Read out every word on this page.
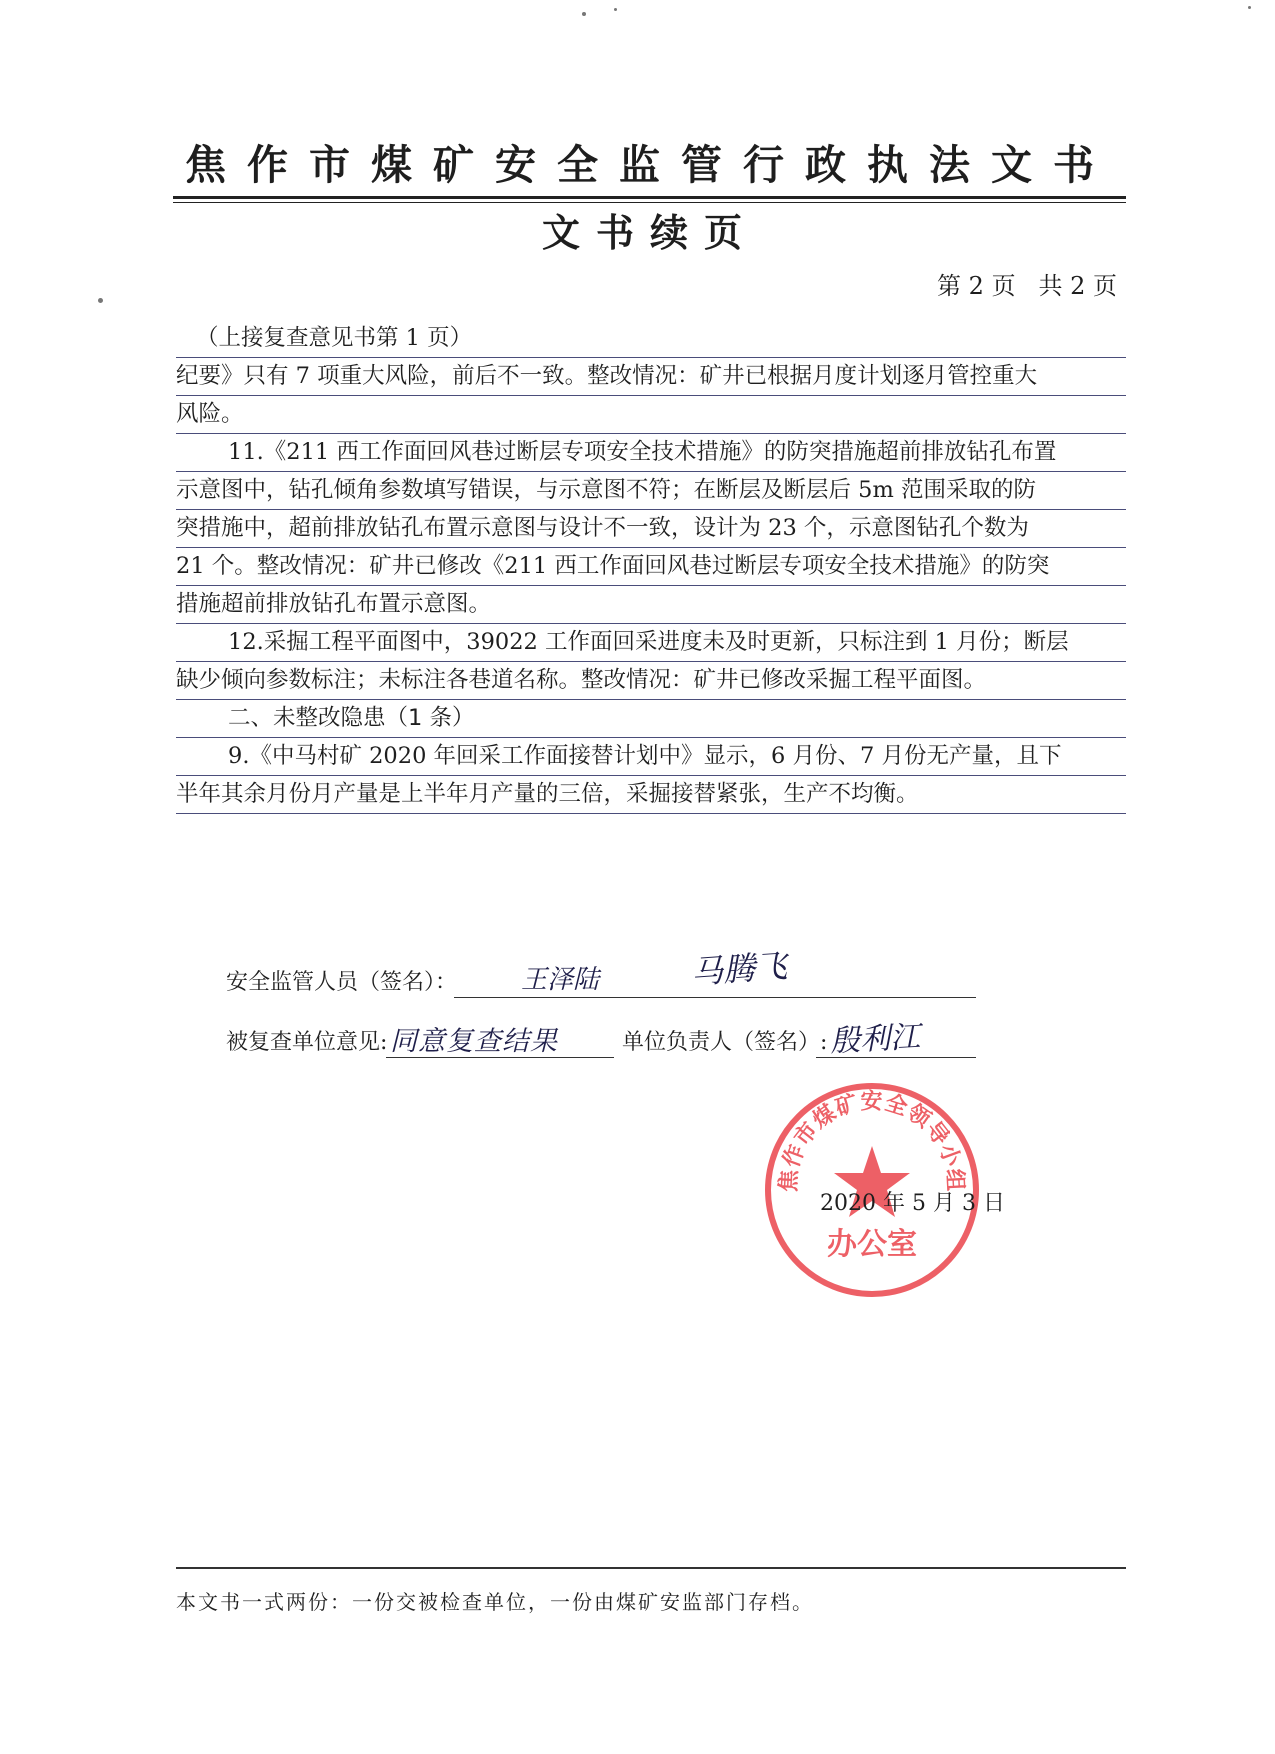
焦作市煤矿安全监管行政执法文书
文书续页
第 2 页   共 2 页
（上接复查意见书第 1 页）
纪要》只有 7 项重大风险，前后不一致。整改情况：矿井已根据月度计划逐月管控重大
风险。
11.《211 西工作面回风巷过断层专项安全技术措施》的防突措施超前排放钻孔布置
示意图中，钻孔倾角参数填写错误，与示意图不符；在断层及断层后 5m 范围采取的防
突措施中，超前排放钻孔布置示意图与设计不一致，设计为 23 个，示意图钻孔个数为
21 个。整改情况：矿井已修改《211 西工作面回风巷过断层专项安全技术措施》的防突
措施超前排放钻孔布置示意图。
12.采掘工程平面图中，39022 工作面回采进度未及时更新，只标注到 1 月份；断层
缺少倾向参数标注；未标注各巷道名称。整改情况：矿井已修改采掘工程平面图。
二、未整改隐患（1 条）
9.《中马村矿 2020 年回采工作面接替计划中》显示，6 月份、7 月份无产量，且下
半年其余月份月产量是上半年月产量的三倍，采掘接替紧张，生产不均衡。
安全监管人员（签名）： 王泽陆	马腾飞
被复查单位意见: 同意复查结果	单位负责人（签名）: 殷利江
焦作市煤矿安全领导小组
办公室
2020 年 5 月 3 日
本文书一式两份：一份交被检查单位，一份由煤矿安监部门存档。
